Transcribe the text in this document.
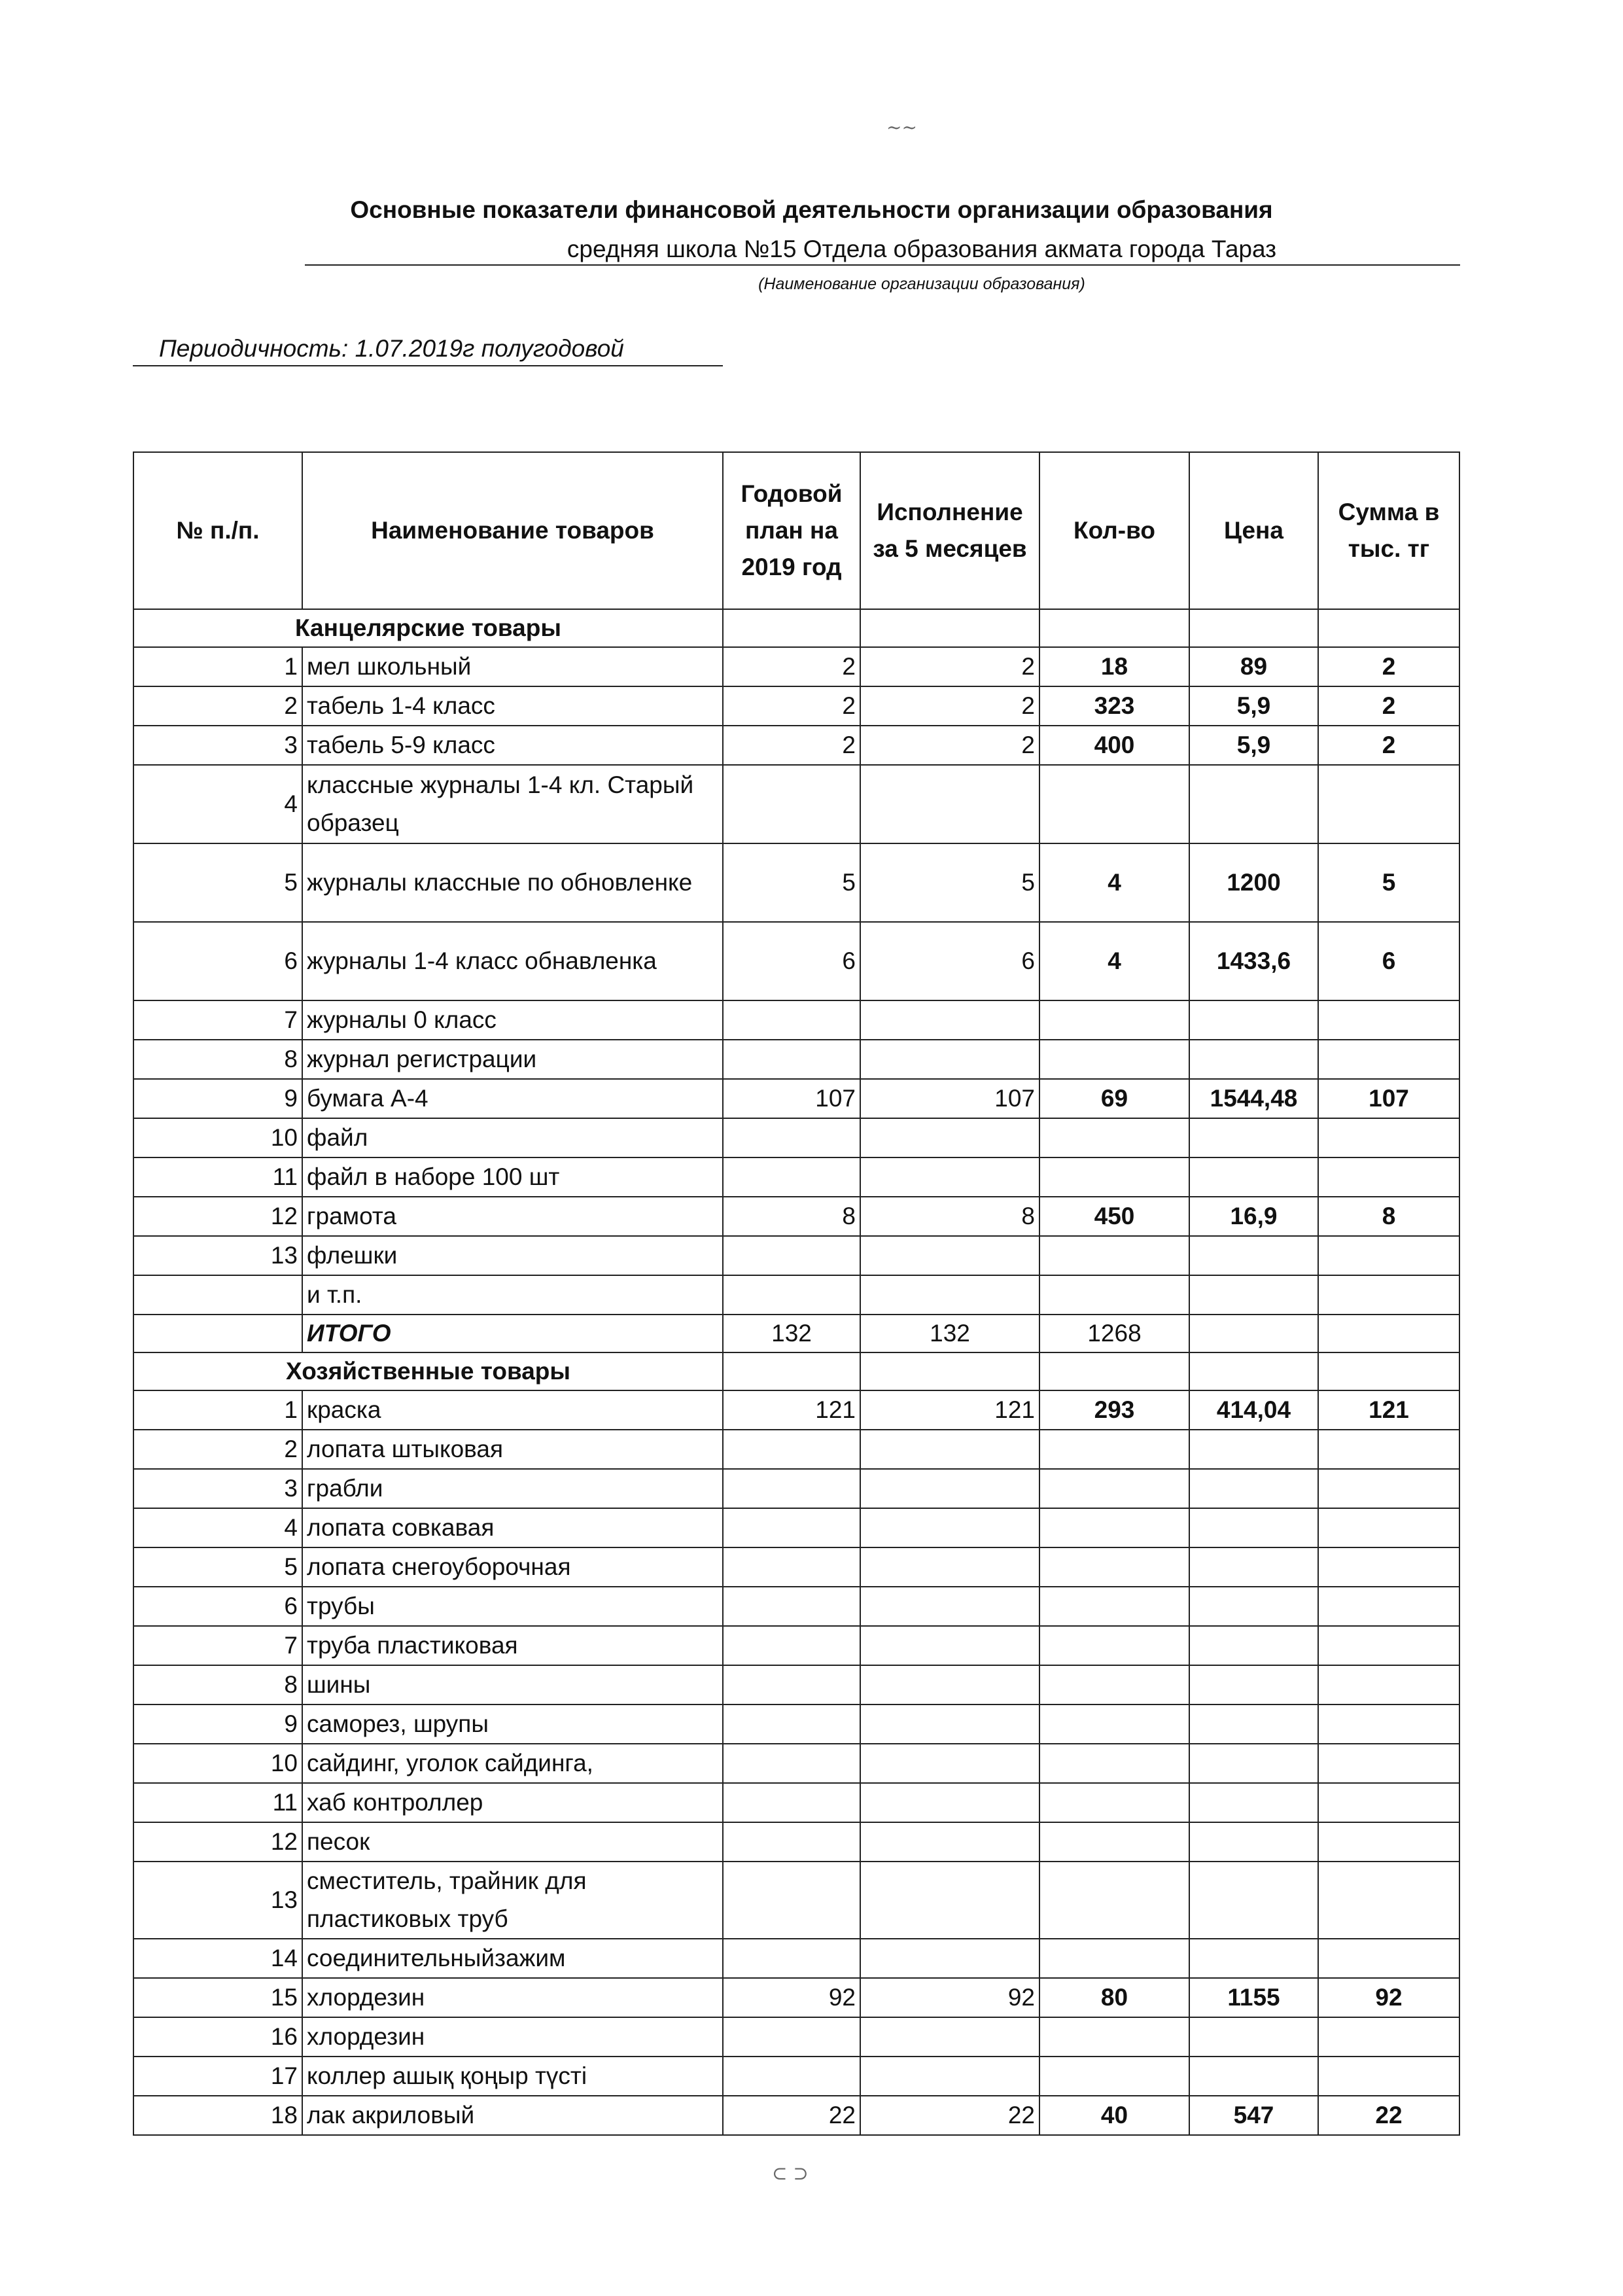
Основные показатели финансовой деятельности организации образования
средняя школа №15 Отдела образования акмата города Тараз
(Наименование организации образования)
Периодичность: 1.07.2019г полугодовой
~~
⊂ ⊃
№ п./п.	Наименование товаров	Годовой план на 2019 год	Исполнение за 5 месяцев	Кол-во	Цена	Сумма в тыс. тг
Канцелярские товары						
1	мел школьный	2	2	18	89	2
2	табель 1-4 класс	2	2	323	5,9	2
3	табель 5-9 класс	2	2	400	5,9	2
4	классные журналы 1-4 кл. Старый образец					
5	журналы классные по обновленке	5	5	4	1200	5
6	журналы 1-4 класс обнавленка	6	6	4	1433,6	6
7	журналы 0 класс					
8	журнал регистрации					
9	бумага А-4	107	107	69	1544,48	107
10	файл					
11	файл в наборе 100 шт					
12	грамота	8	8	450	16,9	8
13	флешки					
	и т.п.					
	ИТОГО	132	132	1268		
Хозяйственные товары						
1	краска	121	121	293	414,04	121
2	лопата штыковая					
3	грабли					
4	лопата совкавая					
5	лопата снегоуборочная					
6	трубы					
7	труба пластиковая					
8	шины					
9	саморез, шрупы					
10	сайдинг, уголок сайдинга,					
11	хаб контроллер					
12	песок					
13	сместитель, трайник для пластиковых труб					
14	соединительныйзажим					
15	хлордезин	92	92	80	1155	92
16	хлордезин					
17	коллер ашық қоңыр түсті					
18	лак акриловый	22	22	40	547	22
